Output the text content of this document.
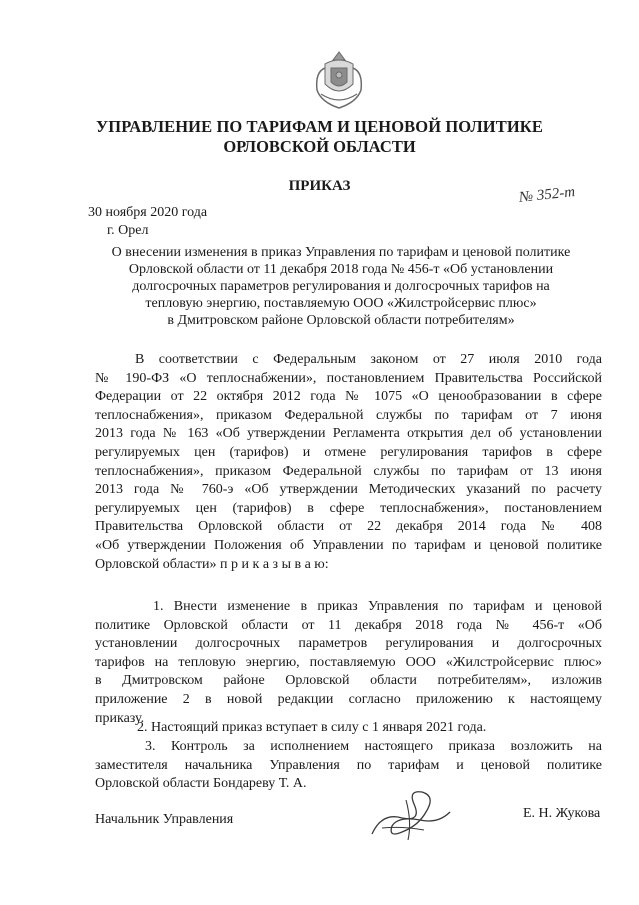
УПРАВЛЕНИЕ ПО ТАРИФАМ И ЦЕНОВОЙ ПОЛИТИКЕ
ОРЛОВСКОЙ ОБЛАСТИ
ПРИКАЗ	№ 352-т
30 ноября 2020 года
г. Орел
О внесении изменения в приказ Управления по тарифам и ценовой политике
Орловской области от 11 декабря 2018 года № 456-т «Об установлении
долгосрочных параметров регулирования и долгосрочных тарифов на
тепловую энергию, поставляемую ООО «Жилстройсервис плюс»
в Дмитровском районе Орловской области потребителям»
В соответствии с Федеральным законом от 27 июля 2010 года
№ 190-ФЗ «О теплоснабжении», постановлением Правительства Российской
Федерации от 22 октября 2012 года № 1075 «О ценообразовании в сфере
теплоснабжения», приказом Федеральной службы по тарифам от 7 июня
2013 года № 163 «Об утверждении Регламента открытия дел об установлении
регулируемых цен (тарифов) и отмене регулирования тарифов в сфере
теплоснабжения», приказом Федеральной службы по тарифам от 13 июня
2013 года № 760-э «Об утверждении Методических указаний по расчету
регулируемых цен (тарифов) в сфере теплоснабжения», постановлением
Правительства Орловской области от 22 декабря 2014 года № 408
«Об утверждении Положения об Управлении по тарифам и ценовой политике
Орловской области» п р и к а з ы в а ю:
1. Внести изменение в приказ Управления по тарифам и ценовой
политике Орловской области от 11 декабря 2018 года № 456-т «Об
установлении долгосрочных параметров регулирования и долгосрочных
тарифов на тепловую энергию, поставляемую ООО «Жилстройсервис плюс»
в Дмитровском районе Орловской области потребителям», изложив
приложение 2 в новой редакции согласно приложению к настоящему
приказу.
2. Настоящий приказ вступает в силу с 1 января 2021 года.
3. Контроль за исполнением настоящего приказа возложить на
заместителя начальника Управления по тарифам и ценовой политике
Орловской области Бондареву Т. А.
Начальник Управления	Е. Н. Жукова
